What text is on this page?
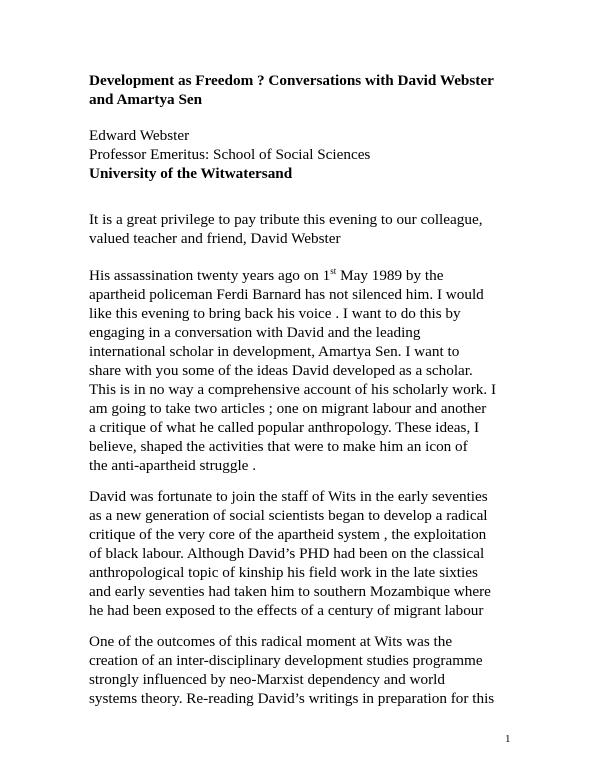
Development as Freedom ? Conversations with David Webster
and Amartya Sen
Edward Webster
Professor Emeritus: School of Social Sciences
University of the Witwatersand
It is a great privilege to pay tribute this evening to our colleague,
valued teacher and friend, David Webster
His assassination twenty years ago on 1st May 1989 by the
apartheid policeman Ferdi Barnard has not silenced him. I would
like this evening to bring back his voice . I want to do this by
engaging in a conversation with David and the leading
international scholar in development, Amartya Sen. I want to
share with you some of the ideas David developed as a scholar.
This is in no way a comprehensive account of his scholarly work. I
am going to take two articles ; one on migrant labour and another
a critique of what he called popular anthropology. These ideas, I
believe, shaped the activities that were to make him an icon of
the anti-apartheid struggle .
David was fortunate to join the staff of Wits in the early seventies
as a new generation of social scientists began to develop a radical
critique of the very core of the apartheid system , the exploitation
of black labour. Although David’s PHD had been on the classical
anthropological topic of kinship his field work in the late sixties
and early seventies had taken him to southern Mozambique where
he had been exposed to the effects of a century of migrant labour
One of the outcomes of this radical moment at Wits was the
creation of an inter-disciplinary development studies programme
strongly influenced by neo-Marxist dependency and world
systems theory. Re-reading David’s writings in preparation for this
1
